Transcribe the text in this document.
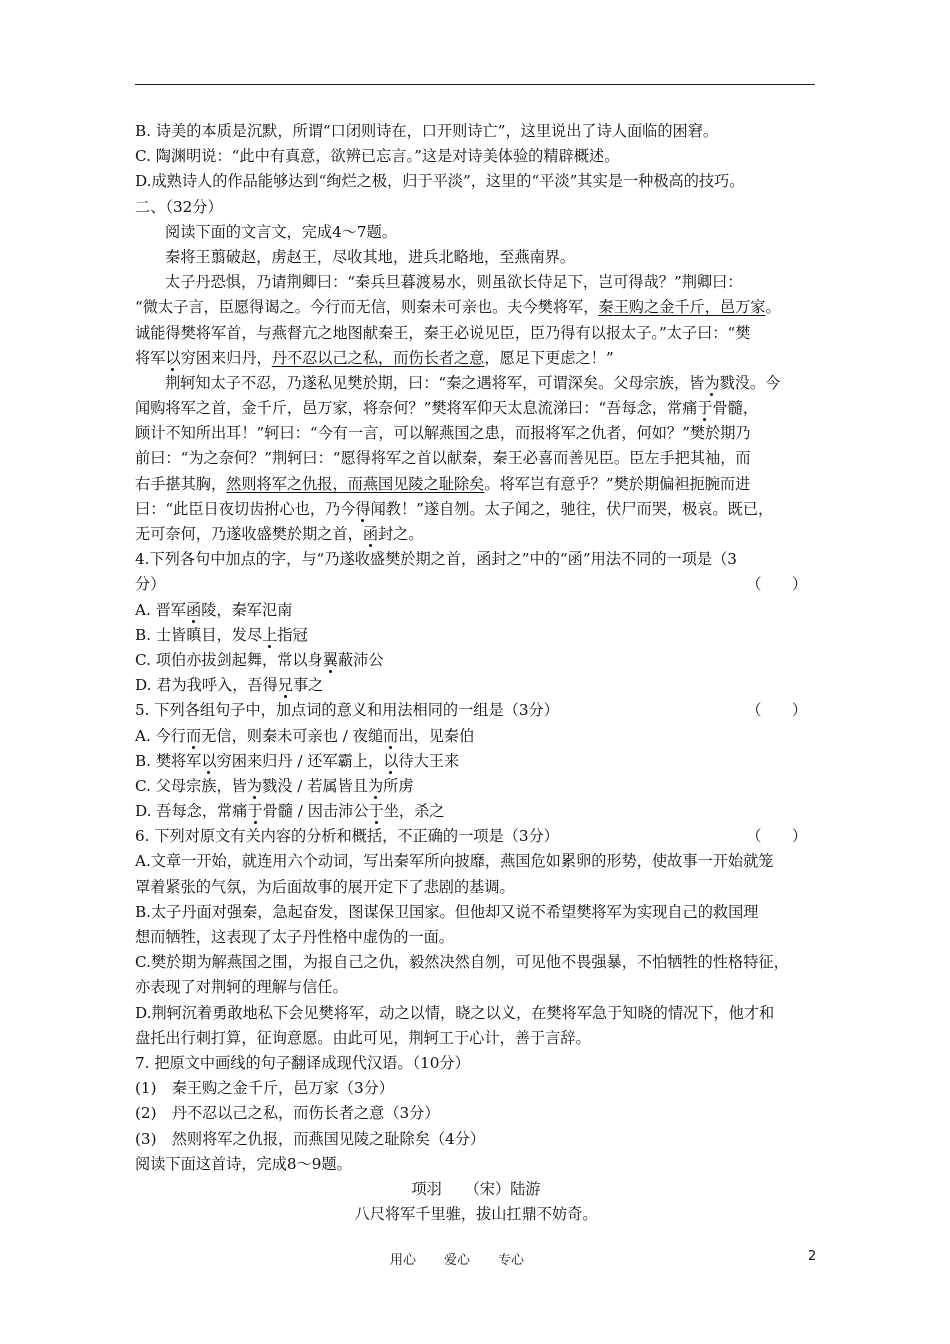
B. 诗美的本质是沉默，所谓“口闭则诗在，口开则诗亡”，这里说出了诗人面临的困窘。
C. 陶渊明说：“此中有真意，欲辨已忘言。”这是对诗美体验的精辟概述。
D.成熟诗人的作品能够达到“绚烂之极，归于平淡”，这里的“平淡”其实是一种极高的技巧。
二、（32分）
阅读下面的文言文，完成4～7题。
秦将王翦破赵，虏赵王，尽收其地，进兵北略地，至燕南界。
太子丹恐惧，乃请荆卿曰：“秦兵旦暮渡易水，则虽欲长侍足下，岂可得哉？”荆卿曰：
“微太子言，臣愿得谒之。今行而无信，则秦未可亲也。夫今樊将军，秦王购之金千斤，邑万家。
诚能得樊将军首，与燕督亢之地图献秦王，秦王必说见臣，臣乃得有以报太子。”太子曰：“樊
将军以穷困来归丹，丹不忍以己之私，而伤长者之意，愿足下更虑之！”
荆轲知太子不忍，乃遂私见樊於期，曰：“秦之遇将军，可谓深矣。父母宗族，皆为戮没。今
闻购将军之首，金千斤，邑万家，将奈何？”樊将军仰天太息流涕曰：“吾每念，常痛于骨髓，
顾计不知所出耳！”轲曰：“今有一言，可以解燕国之患，而报将军之仇者，何如？”樊於期乃
前曰：“为之奈何？”荆轲曰：“愿得将军之首以献秦，秦王必喜而善见臣。臣左手把其袖，而
右手揕其胸，然则将军之仇报，而燕国见陵之耻除矣。将军岂有意乎？”樊於期偏袒扼腕而进
曰：“此臣日夜切齿拊心也，乃今得闻教！”遂自刎。太子闻之，驰往，伏尸而哭，极哀。既已，
无可奈何，乃遂收盛樊於期之首，函封之。
4.下列各句中加点的字，与“乃遂收盛樊於期之首，函封之”中的“函”用法不同的一项是（3
分）	（　　）
A. 晋军函陵，秦军氾南
B. 士皆瞋目，发尽上指冠
C. 项伯亦拔剑起舞，常以身翼蔽沛公
D. 君为我呼入，吾得兄事之
5. 下列各组句子中，加点词的意义和用法相同的一组是（3分）	（　　）
A. 今行而无信，则秦未可亲也 / 夜缒而出，见秦伯
B. 樊将军以穷困来归丹 / 还军霸上，以待大王来
C. 父母宗族，皆为戮没 / 若属皆且为所虏
D. 吾每念，常痛于骨髓 / 因击沛公于坐，杀之
6. 下列对原文有关内容的分析和概括，不正确的一项是（3分）	（　　）
A.文章一开始，就连用六个动词，写出秦军所向披靡，燕国危如累卵的形势，使故事一开始就笼
罩着紧张的气氛，为后面故事的展开定下了悲剧的基调。
B.太子丹面对强秦，急起奋发，图谋保卫国家。但他却又说不希望樊将军为实现自己的救国理
想而牺牲，这表现了太子丹性格中虚伪的一面。
C.樊於期为解燕国之围，为报自己之仇，毅然决然自刎，可见他不畏强暴，不怕牺牲的性格特征，
亦表现了对荆轲的理解与信任。
D.荆轲沉着勇敢地私下会见樊将军，动之以情，晓之以义，在樊将军急于知晓的情况下，他才和
盘托出行刺打算，征询意愿。由此可见，荆轲工于心计，善于言辞。
7. 把原文中画线的句子翻译成现代汉语。（10分）
(1)　秦王购之金千斤，邑万家（3分）
(2)　丹不忍以己之私，而伤长者之意（3分）
(3)　然则将军之仇报，而燕国见陵之耻除矣（4分）
阅读下面这首诗，完成8～9题。
项羽　　（宋）陆游
八尺将军千里骓，拔山扛鼎不妨奇。
用心 爱心 专心	2
